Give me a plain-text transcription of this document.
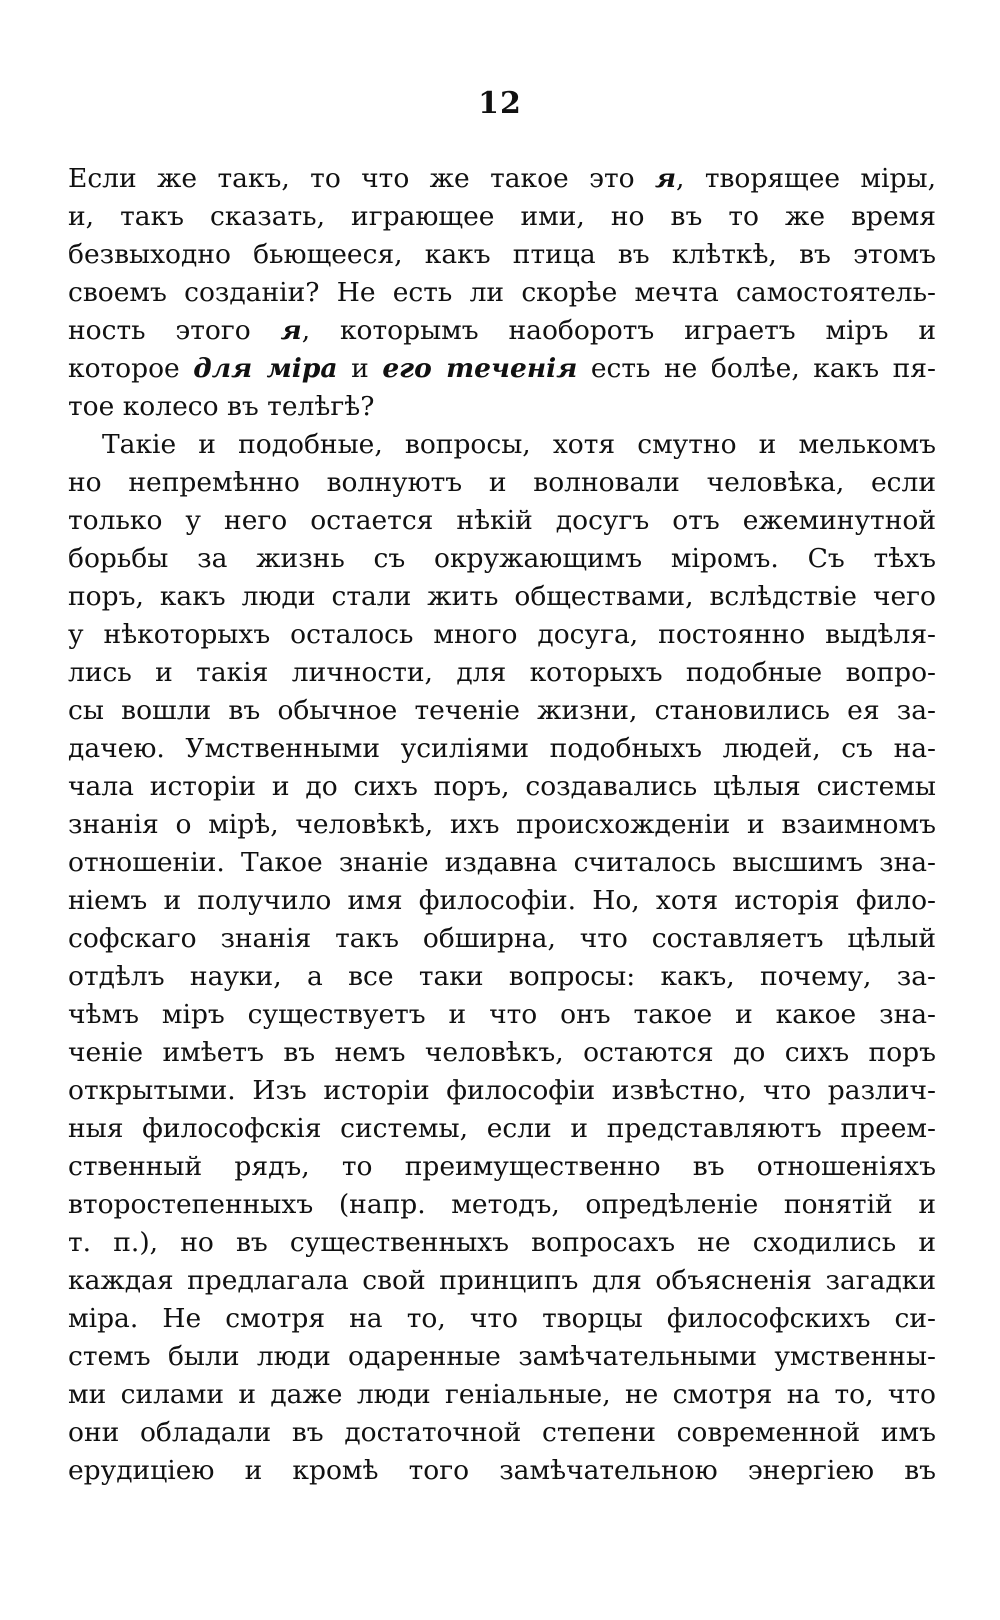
12
Если же такъ, то что же такое это я, творящее міры,
и, такъ сказать, играющее ими, но въ то же время
безвыходно бьющееся, какъ птица въ клѣткѣ, въ этомъ
своемъ созданіи? Не есть ли скорѣе мечта самостоятель-
ность этого я, которымъ наоборотъ играетъ міръ и
которое для міра и его теченія есть не болѣе, какъ пя-
тое колесо въ телѣгѣ?
Такіе и подобные, вопросы, хотя смутно и мелькомъ
но непремѣнно волнуютъ и волновали человѣка, если
только у него остается нѣкій досугъ отъ ежеминутной
борьбы за жизнь съ окружающимъ міромъ. Съ тѣхъ
поръ, какъ люди стали жить обществами, вслѣдствіе чего
у нѣкоторыхъ осталось много досуга, постоянно выдѣля-
лись и такія личности, для которыхъ подобные вопро-
сы вошли въ обычное теченіе жизни, становились ея за-
дачею. Умственными усиліями подобныхъ людей, съ на-
чала исторіи и до сихъ поръ, создавались цѣлыя системы
знанія о мірѣ, человѣкѣ, ихъ происхожденіи и взаимномъ
отношеніи. Такое знаніе издавна считалось высшимъ зна-
ніемъ и получило имя философіи. Но, хотя исторія фило-
софскаго знанія такъ обширна, что составляетъ цѣлый
отдѣлъ науки, а все таки вопросы: какъ, почему, за-
чѣмъ міръ существуетъ и что онъ такое и какое зна-
ченіе имѣетъ въ немъ человѣкъ, остаются до сихъ поръ
открытыми. Изъ исторіи философіи извѣстно, что различ-
ныя философскія системы, если и представляютъ преем-
ственный рядъ, то преимущественно въ отношеніяхъ
второстепенныхъ (напр. методъ, опредѣленіе понятій и
т. п.), но въ существенныхъ вопросахъ не сходились и
каждая предлагала свой принципъ для объясненія загадки
міра. Не смотря на то, что творцы философскихъ си-
стемъ были люди одаренные замѣчательными умственны-
ми силами и даже люди геніальные, не смотря на то, что
они обладали въ достаточной степени современной имъ
ерудиціею и кромѣ того замѣчательною энергіею въ
